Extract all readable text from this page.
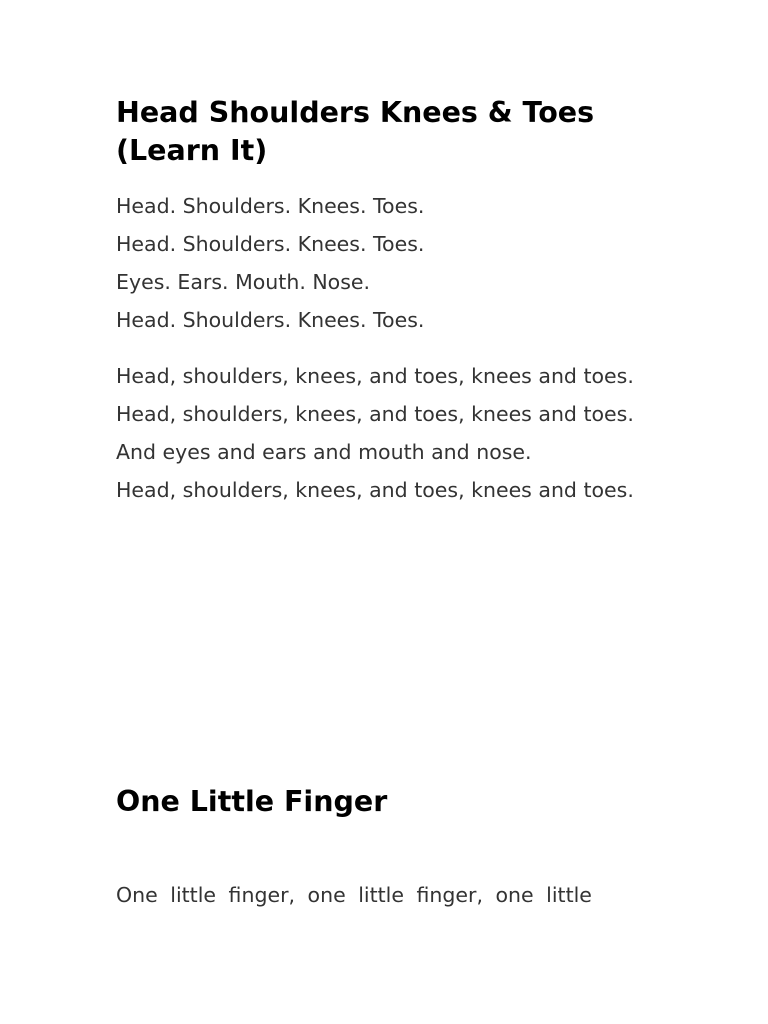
Head Shoulders Knees & Toes (Learn It)

Head. Shoulders. Knees. Toes.

Head. Shoulders. Knees. Toes.

Eyes. Ears. Mouth. Nose.

Head. Shoulders. Knees. Toes.

Head, shoulders, knees, and toes, knees and toes.

Head, shoulders, knees, and toes, knees and toes.

And eyes and ears and mouth and nose.

Head, shoulders, knees, and toes, knees and toes.

One Little Finger

One little finger, one little finger, one little
